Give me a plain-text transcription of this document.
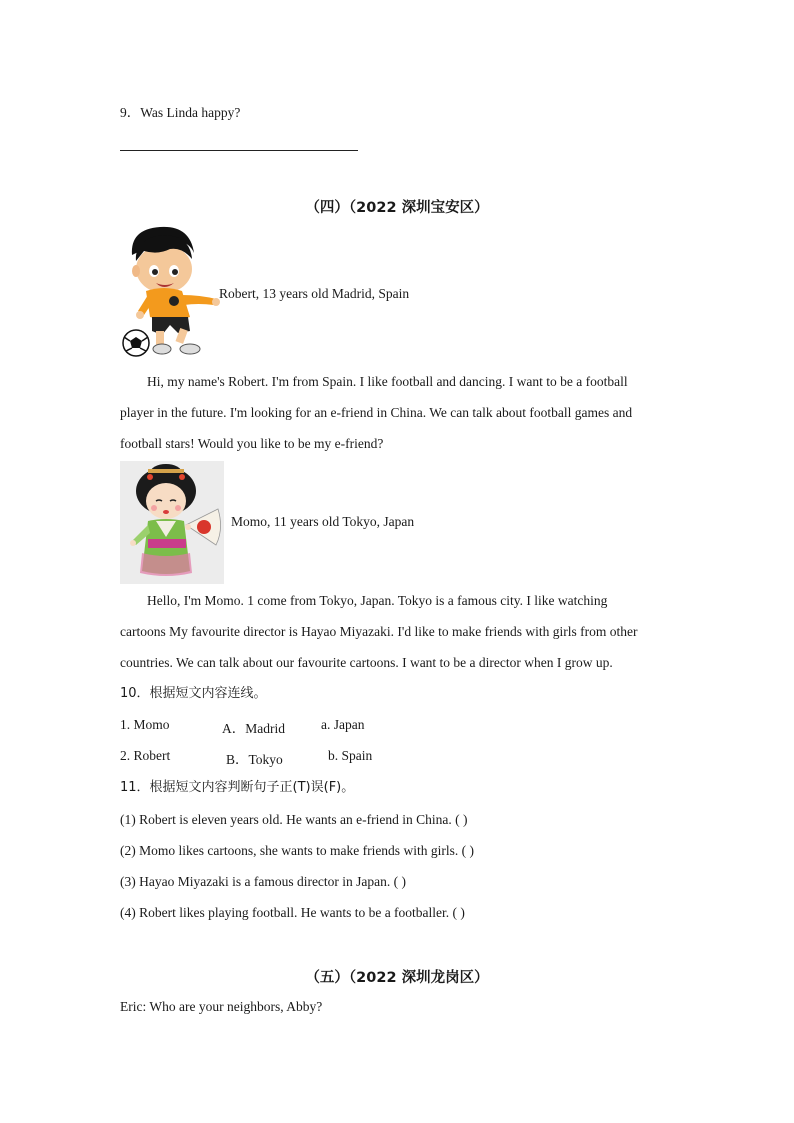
9．Was Linda happy?
（四）（2022 深圳宝安区）
Robert, 13 years old Madrid, Spain
Hi, my name's Robert. I'm from Spain. I like football and dancing. I want to be a football
player in the future. I'm looking for an e-friend in China. We can talk about football games and
football stars! Would you like to be my e-friend?
Momo, 11 years old Tokyo, Japan
Hello, I'm Momo. 1 come from Tokyo, Japan. Tokyo is a famous city. I like watching
cartoons My favourite director is Hayao Miyazaki. I'd like to make friends with girls from other
countries. We can talk about our favourite cartoons. I want to be a director when I grow up.
10．根据短文内容连线。
1. Momo	A．Madrid	a. Japan
2. Robert	B．Tokyo	b. Spain
11．根据短文内容判断句子正(T)误(F)。
(1) Robert is eleven years old. He wants an e-friend in China. ( )
(2) Momo likes cartoons, she wants to make friends with girls. ( )
(3) Hayao Miyazaki is a famous director in Japan. ( )
(4) Robert likes playing football. He wants to be a footballer. ( )
（五）（2022 深圳龙岗区）
Eric: Who are your neighbors, Abby?
